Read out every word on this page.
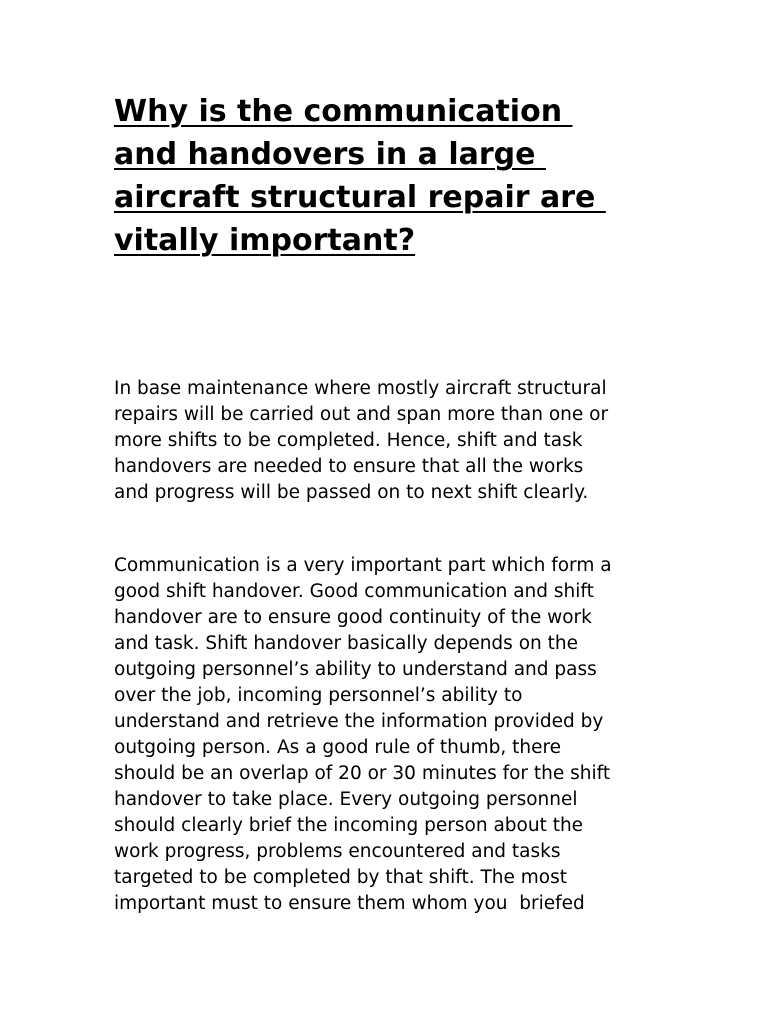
Why is the communication
and handovers in a large
aircraft structural repair are
vitally important?

In base maintenance where mostly aircraft structural
repairs will be carried out and span more than one or
more shifts to be completed. Hence, shift and task
handovers are needed to ensure that all the works
and progress will be passed on to next shift clearly.

Communication is a very important part which form a
good shift handover. Good communication and shift
handover are to ensure good continuity of the work
and task. Shift handover basically depends on the
outgoing personnel’s ability to understand and pass
over the job, incoming personnel’s ability to
understand and retrieve the information provided by
outgoing person. As a good rule of thumb, there
should be an overlap of 20 or 30 minutes for the shift
handover to take place. Every outgoing personnel
should clearly brief the incoming person about the
work progress, problems encountered and tasks
targeted to be completed by that shift. The most
important must to ensure them whom you  briefed
